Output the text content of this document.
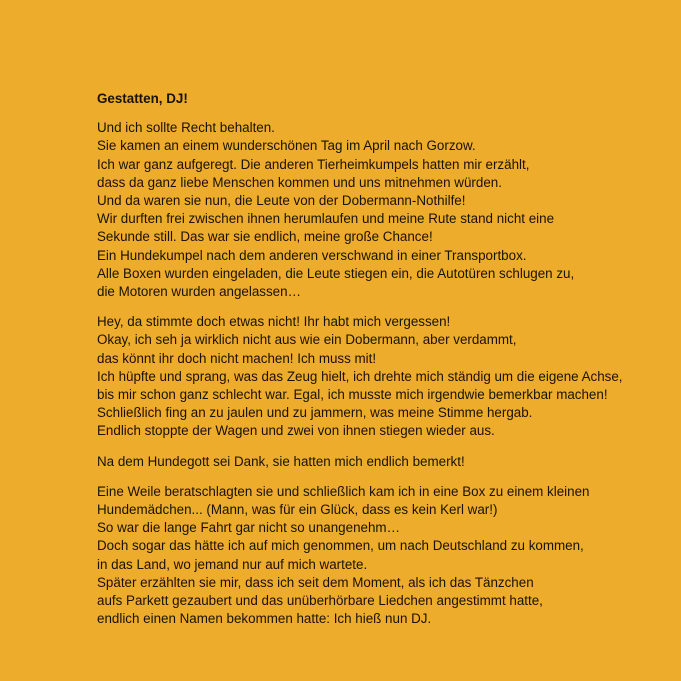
Gestatten, DJ!
Und ich sollte Recht behalten.
Sie kamen an einem wunderschönen Tag im April nach Gorzow.
Ich war ganz aufgeregt. Die anderen Tierheimkumpels hatten mir erzählt,
dass da ganz liebe Menschen kommen und uns mitnehmen würden.
Und da waren sie nun, die Leute von der Dobermann-Nothilfe!
Wir durften frei zwischen ihnen herumlaufen und meine Rute stand nicht eine
Sekunde still. Das war sie endlich, meine große Chance!
Ein Hundekumpel nach dem anderen verschwand in einer Transportbox.
Alle Boxen wurden eingeladen, die Leute stiegen ein, die Autotüren schlugen zu,
die Motoren wurden angelassen…
Hey, da stimmte doch etwas nicht! Ihr habt mich vergessen!
Okay, ich seh ja wirklich nicht aus wie ein Dobermann, aber verdammt,
das könnt ihr doch nicht machen! Ich muss mit!
Ich hüpfte und sprang, was das Zeug hielt, ich drehte mich ständig um die eigene Achse,
bis mir schon ganz schlecht war. Egal, ich musste mich irgendwie bemerkbar machen!
Schließlich fing an zu jaulen und zu jammern, was meine Stimme hergab.
Endlich stoppte der Wagen und zwei von ihnen stiegen wieder aus.
Na dem Hundegott sei Dank, sie hatten mich endlich bemerkt!
Eine Weile beratschlagten sie und schließlich kam ich in eine Box zu einem kleinen
Hundemädchen... (Mann, was für ein Glück, dass es kein Kerl war!)
So war die lange Fahrt gar nicht so unangenehm…
Doch sogar das hätte ich auf mich genommen, um nach Deutschland zu kommen,
in das Land, wo jemand nur auf mich wartete.
Später erzählten sie mir, dass ich seit dem Moment, als ich das Tänzchen
aufs Parkett gezaubert und das unüberhörbare Liedchen angestimmt hatte,
endlich einen Namen bekommen hatte: Ich hieß nun DJ.
